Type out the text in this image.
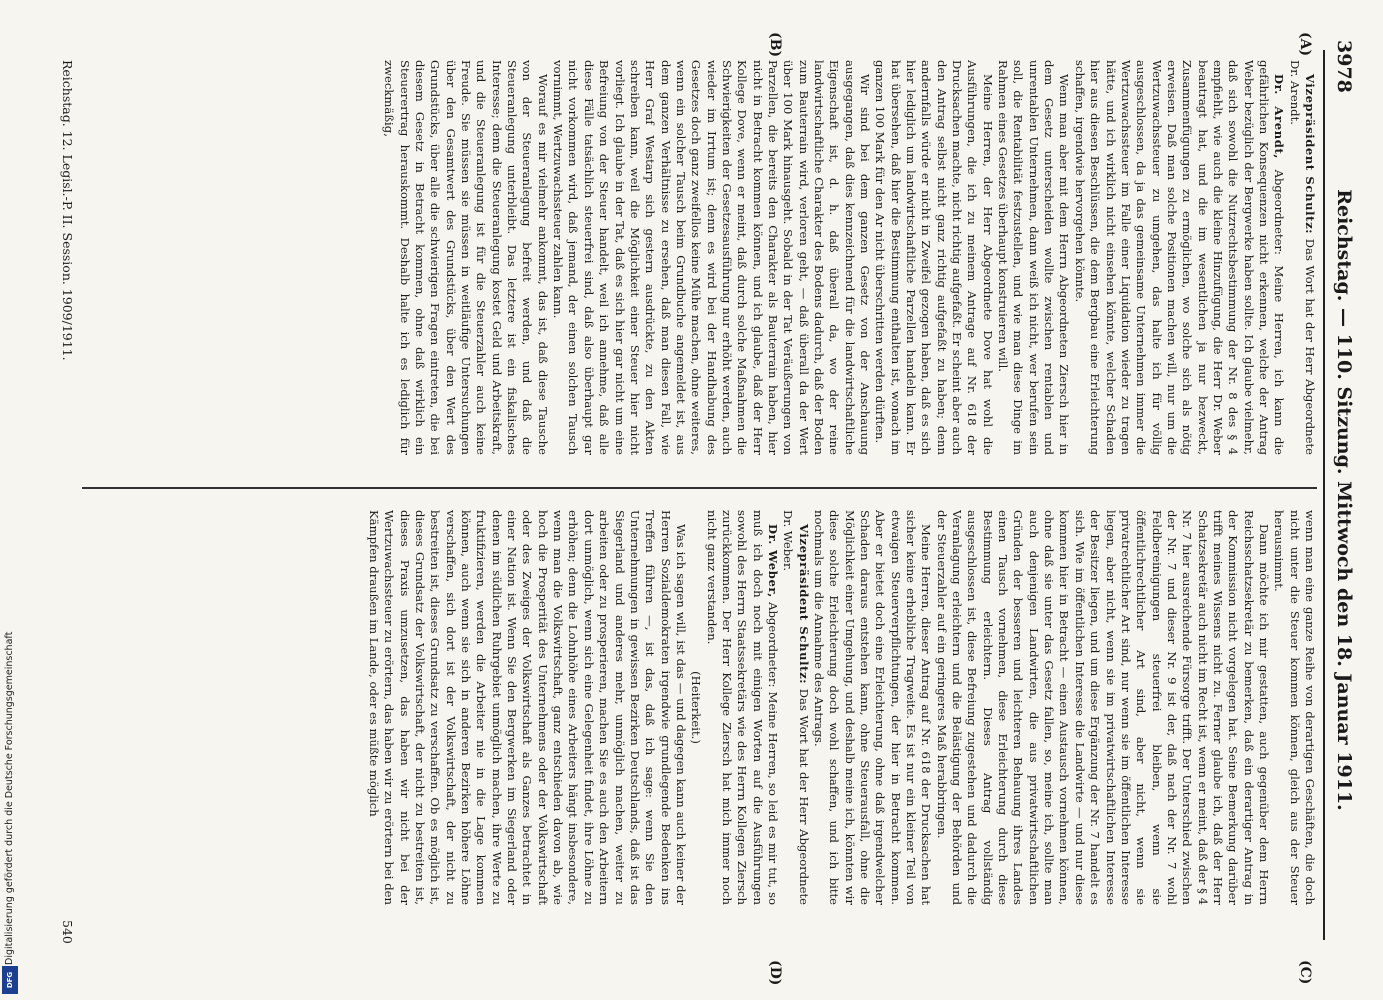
3978
Reichstag. — 110. Sitzung. Mittwoch den 18. Januar 1911.
(A)
(B)
(C)
(D)

Vizepräsident Schultz: Das Wort hat der Herr Abgeordnete Dr. Arendt.

Dr. Arendt, Abgeordneter: Meine Herren, ich kann die gefährlichen Konsequenzen nicht erkennen, welche der Antrag Weber bezüglich der Bergwerke haben sollte. Ich glaube vielmehr, daß sich sowohl die Nutzrechtsbestimmung der Nr. 8 des § 4 empfiehlt, wie auch die kleine Hinzufügung, die Herr Dr. Weber beantragt hat, und die im wesentlichen ja nur bezweckt, Zusammenfügungen zu ermöglichen, wo solche sich als nötig erweisen. Daß man solche Positionen machen will, nur um die Wertzuwachssteuer zu umgehen, das halte ich für völlig ausgeschlossen, da ja das gemeinsame Unternehmen immer die Wertzuwachssteuer im Falle einer Liquidation wieder zu tragen hätte, und ich wirklich nicht einsehen könnte, welcher Schaden hier aus diesen Beschlüssen, die dem Bergbau eine Erleichterung schaffen, irgendwie hervorgehen könnte.

Wenn man aber mit dem Herrn Abgeordneten Ziersch hier in dem Gesetz unterscheiden wollte zwischen rentablen und unrentablen Unternehmen, dann weiß ich nicht, wer berufen sein soll, die Rentabilität festzustellen, und wie man diese Dinge im Rahmen eines Gesetzes überhaupt konstruieren will.

Meine Herren, der Herr Abgeordnete Dove hat wohl die Ausführungen, die ich zu meinem Antrage auf Nr. 618 der Drucksachen machte, nicht richtig aufgefaßt. Er scheint aber auch den Antrag selbst nicht ganz richtig aufgefaßt zu haben; denn andernfalls würde er nicht in Zweifel gezogen haben, daß es sich hier lediglich um landwirtschaftliche Parzellen handeln kann. Er hat übersehen, daß hier die Bestimmung enthalten ist, wonach im ganzen 100 Mark für den Ar nicht überschritten werden dürften.

Wir sind bei dem ganzen Gesetz von der Anschauung ausgegangen, daß dies kennzeichnend für die landwirtschaftliche Eigenschaft ist, d. h. daß überall da, wo der reine landwirtschaftliche Charakter des Bodens dadurch, daß der Boden zum Bauterrain wird, verloren geht, — daß überall da der Wert über 100 Mark hinausgeht. Sobald in der Tat Veräußerungen von Parzellen, die bereits den Charakter als Bauterrain haben, hier nicht in Betracht kommen können, und ich glaube, daß der Herr Kollege Dove, wenn er meint, daß durch solche Maßnahmen die Schwierigkeiten der Gesetzesausführung nur erhöht werden, auch wieder im Irrtum ist; denn es wird bei der Handhabung des Gesetzes doch ganz zweifellos keine Mühe machen, ohne weiteres, wenn ein solcher Tausch beim Grundbuche angemeldet ist, aus dem ganzen Verhältnisse zu ersehen, daß man diesen Fall, wie Herr Graf Westarp sich gestern ausdrückte, zu den Akten schreiben kann, weil die Möglichkeit einer Steuer hier nicht vorliegt. Ich glaube in der Tat, daß es sich hier gar nicht um eine Befreiung von der Steuer handelt, weil ich annehme, daß alle diese Fälle tatsächlich steuerfrei sind, daß also überhaupt gar nicht vorkommen wird, daß jemand, der einen solchen Tausch vornimmt, Wertzuwachssteuer zahlen kann.

Worauf es mir vielmehr ankommt, das ist, daß diese Tausche von der Steueranlegung befreit werden, und daß die Steueranlegung unterbleibt. Das letztere ist ein fiskalisches Interesse; denn die Steueranlegung kostet Geld und Arbeitskraft, und die Steueranlegung ist für die Steuerzahler auch keine Freude. Sie müssen sie müssen in weitläufige Untersuchungen über den Gesamtwert des Grundstücks, über den Wert des Grundstücks, über alle die schwierigen Fragen eintreten, die bei diesem Gesetz in Betracht kommen, ohne daß wirklich ein Steuerertrag herauskommt. Deshalb halte ich es lediglich für zweckmäßig,

wenn man eine ganze Reihe von derartigen Geschäften, die doch nicht unter die Steuer kommen können, gleich aus der Steuer herausnimmt.

Dann möchte ich mir gestatten, auch gegenüber dem Herrn Reichsschatzsekretär zu bemerken, daß ein derartiger Antrag in der Kommission nicht vorgelegen hat. Seine Bemerkung darüber trifft meines Wissens nicht zu. Ferner glaube ich, daß der Herr Schatzsekretär auch nicht im Recht ist, wenn er meint, daß der § 4 Nr. 7 hier ausreichende Fürsorge trifft. Der Unterschied zwischen der Nr. 7 und dieser Nr. 9 ist der, daß nach der Nr. 7 wohl Feldbereinigungen steuerfrei bleiben, wenn sie öffentlichrechtlicher Art sind, aber nicht, wenn sie privatrechtlicher Art sind, nur wenn sie im öffentlichen Interesse liegen, aber nicht, wenn sie im privatwirtschaftlichen Interesse der Besitzer liegen, und um diese Ergänzung der Nr. 7 handelt es sich. Wie im öffentlichen Interesse die Landwirte — und nur diese kommen hier in Betracht — einen Austausch vornehmen können, ohne daß sie unter das Gesetz fallen, so, meine ich, sollte man auch denjenigen Landwirten, die aus privatwirtschaftlichen Gründen der besseren und leichteren Behauung ihres Landes einen Tausch vornehmen, diese Erleichterung durch diese Bestimmung erleichtern. Dieses Antrag vollständig ausgeschlossen ist, diese Befreiung zugestehen und dadurch die Veranlagung erleichtern und die Belästigung der Behörden und der Steuerzahler auf ein geringeres Maß herabbringen.

Meine Herren, dieser Antrag auf Nr. 618 der Drucksachen hat sicher keine erhebliche Tragweite. Es ist nur ein kleiner Teil von etwaigen Steuerverpflichtungen, der hier in Betracht kommen. Aber er bietet doch eine Erleichterung, ohne daß irgendwelcher Schaden daraus entstehen kann, ohne Steuerausfall, ohne die Möglichkeit einer Umgehung, und deshalb meine ich, könnten wir diese solche Erleichterung doch wohl schaffen, und ich bitte nochmals um die Annahme des Antrags.

Vizepräsident Schultz: Das Wort hat der Herr Abgeordnete Dr. Weber.

Dr. Weber, Abgeordneter: Meine Herren, so leid es mir tut, so muß ich doch noch mit einigen Worten auf die Ausführungen sowohl des Herrn Staatssekretärs wie des Herrn Kollegen Ziersch zurückkommen. Der Herr Kollege Ziersch hat mich immer noch nicht ganz verstanden.

(Heiterkeit.)

Was ich sagen will, ist das — und dagegen kann auch keiner der Herren Sozialdemokraten irgendwie grundlegende Bedenken ins Treffen führen —, ist das, daß ich sage: wenn Sie den Unternehmungen in gewissen Bezirken Deutschlands, daß ist das Siegerland und anderes mehr, unmöglich machen, weiter zu arbeiten oder zu prosperieren, machen Sie es auch den Arbeitern dort unmöglich, wenn sich eine Gelegenheit findet, ihre Löhne zu erhöhen; denn die Lohnhöhe eines Arbeiters hängt insbesondere, wenn man die Volkswirtschaft, ganz entschieden davon ab, wie hoch die Prosperität des Unternehmens oder der Volkswirtschaft oder des Zweiges der Volkswirtschaft als Ganzes betrachtet in einer Nation ist. Wenn Sie den Bergwerken im Siegerland oder denen im südlichen Ruhrgebiet unmöglich machen, ihre Werte zu fruktifizieren, werden die Arbeiter nie in die Lage kommen können, auch wenn sie sich in anderen Bezirken höhere Löhne verschaffen, sich dort ist der Volkswirtschaft, der nicht zu bestreiten ist, dieses Grundsatz zu verschaffen. Ob es möglich ist, dieses Grundsatz der Volkswirtschaft, der nicht zu bestreiten ist, dieses Praxis umzusetzen, das haben wir nicht bei der Wertzuwachssteuer zu erörtern, das haben wir zu erörtern bei den Kämpfen draußen im Lande, oder es müßte möglich

Reichstag. 12. Legisl.-P. II. Session. 1909/1911.
540
Digitalisierung gefördert durch die Deutsche Forschungsgemeinschaft
DFG
